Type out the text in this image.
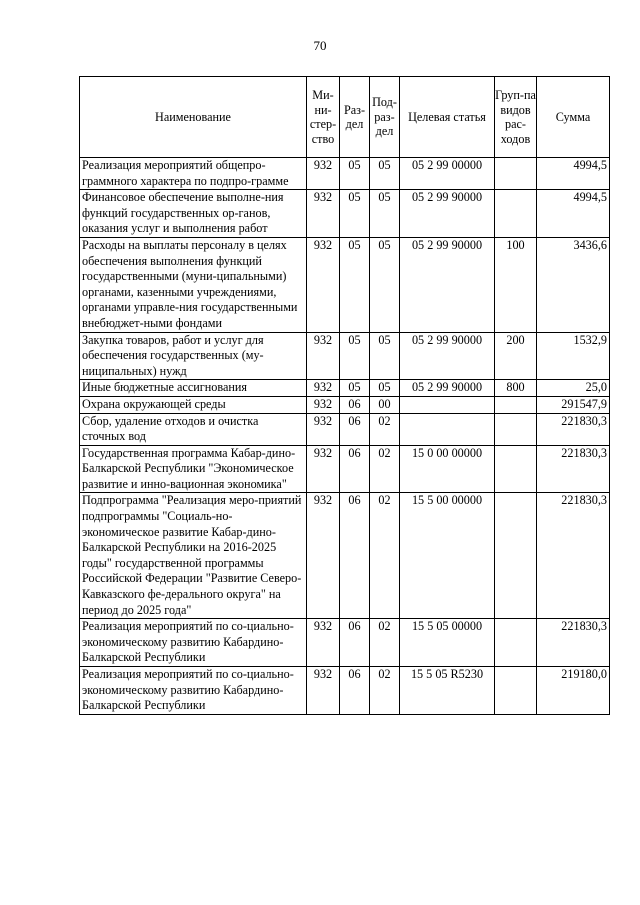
70
Наименование	Ми-ни-стер-ство	Раз-дел	Под-раз-дел	Целевая статья	Груп-па видов рас-ходов	Сумма
Реализация мероприятий общепро-граммного характера по подпро-грамме	932	05	05	05 2 99 00000		4994,5
Финансовое обеспечение выполне-ния функций государственных ор-ганов, оказания услуг и выполнения работ	932	05	05	05 2 99 90000		4994,5
Расходы на выплаты персоналу в целях обеспечения выполнения функций государственными (муни-ципальными) органами, казенными учреждениями, органами управле-ния государственными внебюджет-ными фондами	932	05	05	05 2 99 90000	100	3436,6
Закупка товаров, работ и услуг для обеспечения государственных (му-ниципальных) нужд	932	05	05	05 2 99 90000	200	1532,9
Иные бюджетные ассигнования	932	05	05	05 2 99 90000	800	25,0
Охрана окружающей среды	932	06	00			291547,9
Сбор, удаление отходов и очистка сточных вод	932	06	02			221830,3
Государственная программа Кабар-дино-Балкарской Республики "Экономическое развитие и инно-вационная экономика"	932	06	02	15 0 00 00000		221830,3
Подпрограмма "Реализация меро-приятий подпрограммы "Социаль-но-экономическое развитие Кабар-дино-Балкарской Республики на 2016-2025 годы" государственной программы Российской Федерации "Развитие Северо-Кавказского фе-дерального округа" на период до 2025 года"	932	06	02	15 5 00 00000		221830,3
Реализация мероприятий по со-циально-экономическому развитию Кабардино-Балкарской Республики	932	06	02	15 5 05 00000		221830,3
Реализация мероприятий по со-циально-экономическому развитию Кабардино-Балкарской Республики	932	06	02	15 5 05 R5230		219180,0
